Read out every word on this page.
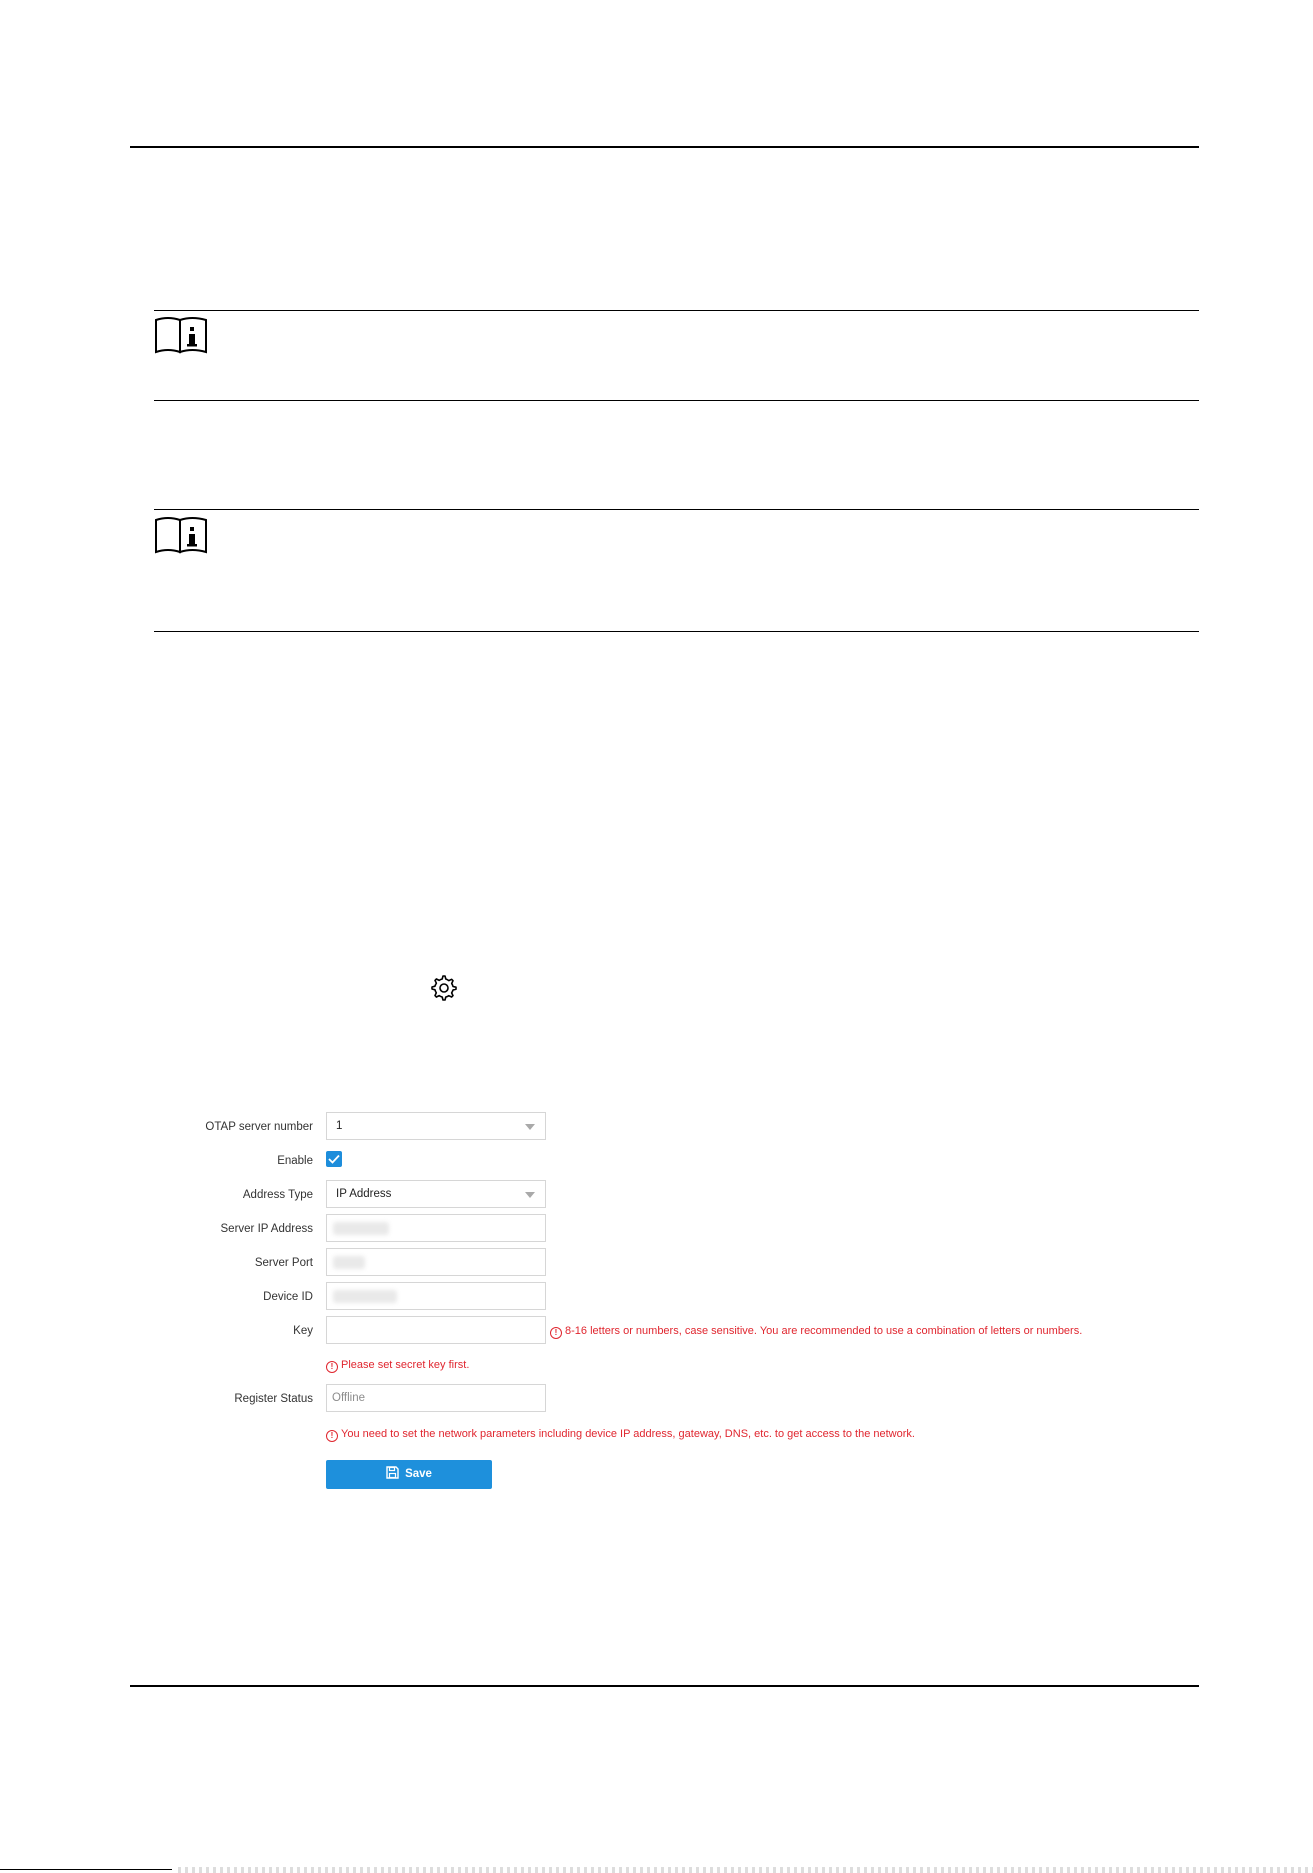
OTAP server number	1
Enable
Address Type	IP Address
Server IP Address
Server Port
Device ID
Key	! 8-16 letters or numbers, case sensitive. You are recommended to use a combination of letters or numbers.
! Please set secret key first.
Register Status	Offline
! You need to set the network parameters including device IP address, gateway, DNS, etc. to get access to the network.
Save
